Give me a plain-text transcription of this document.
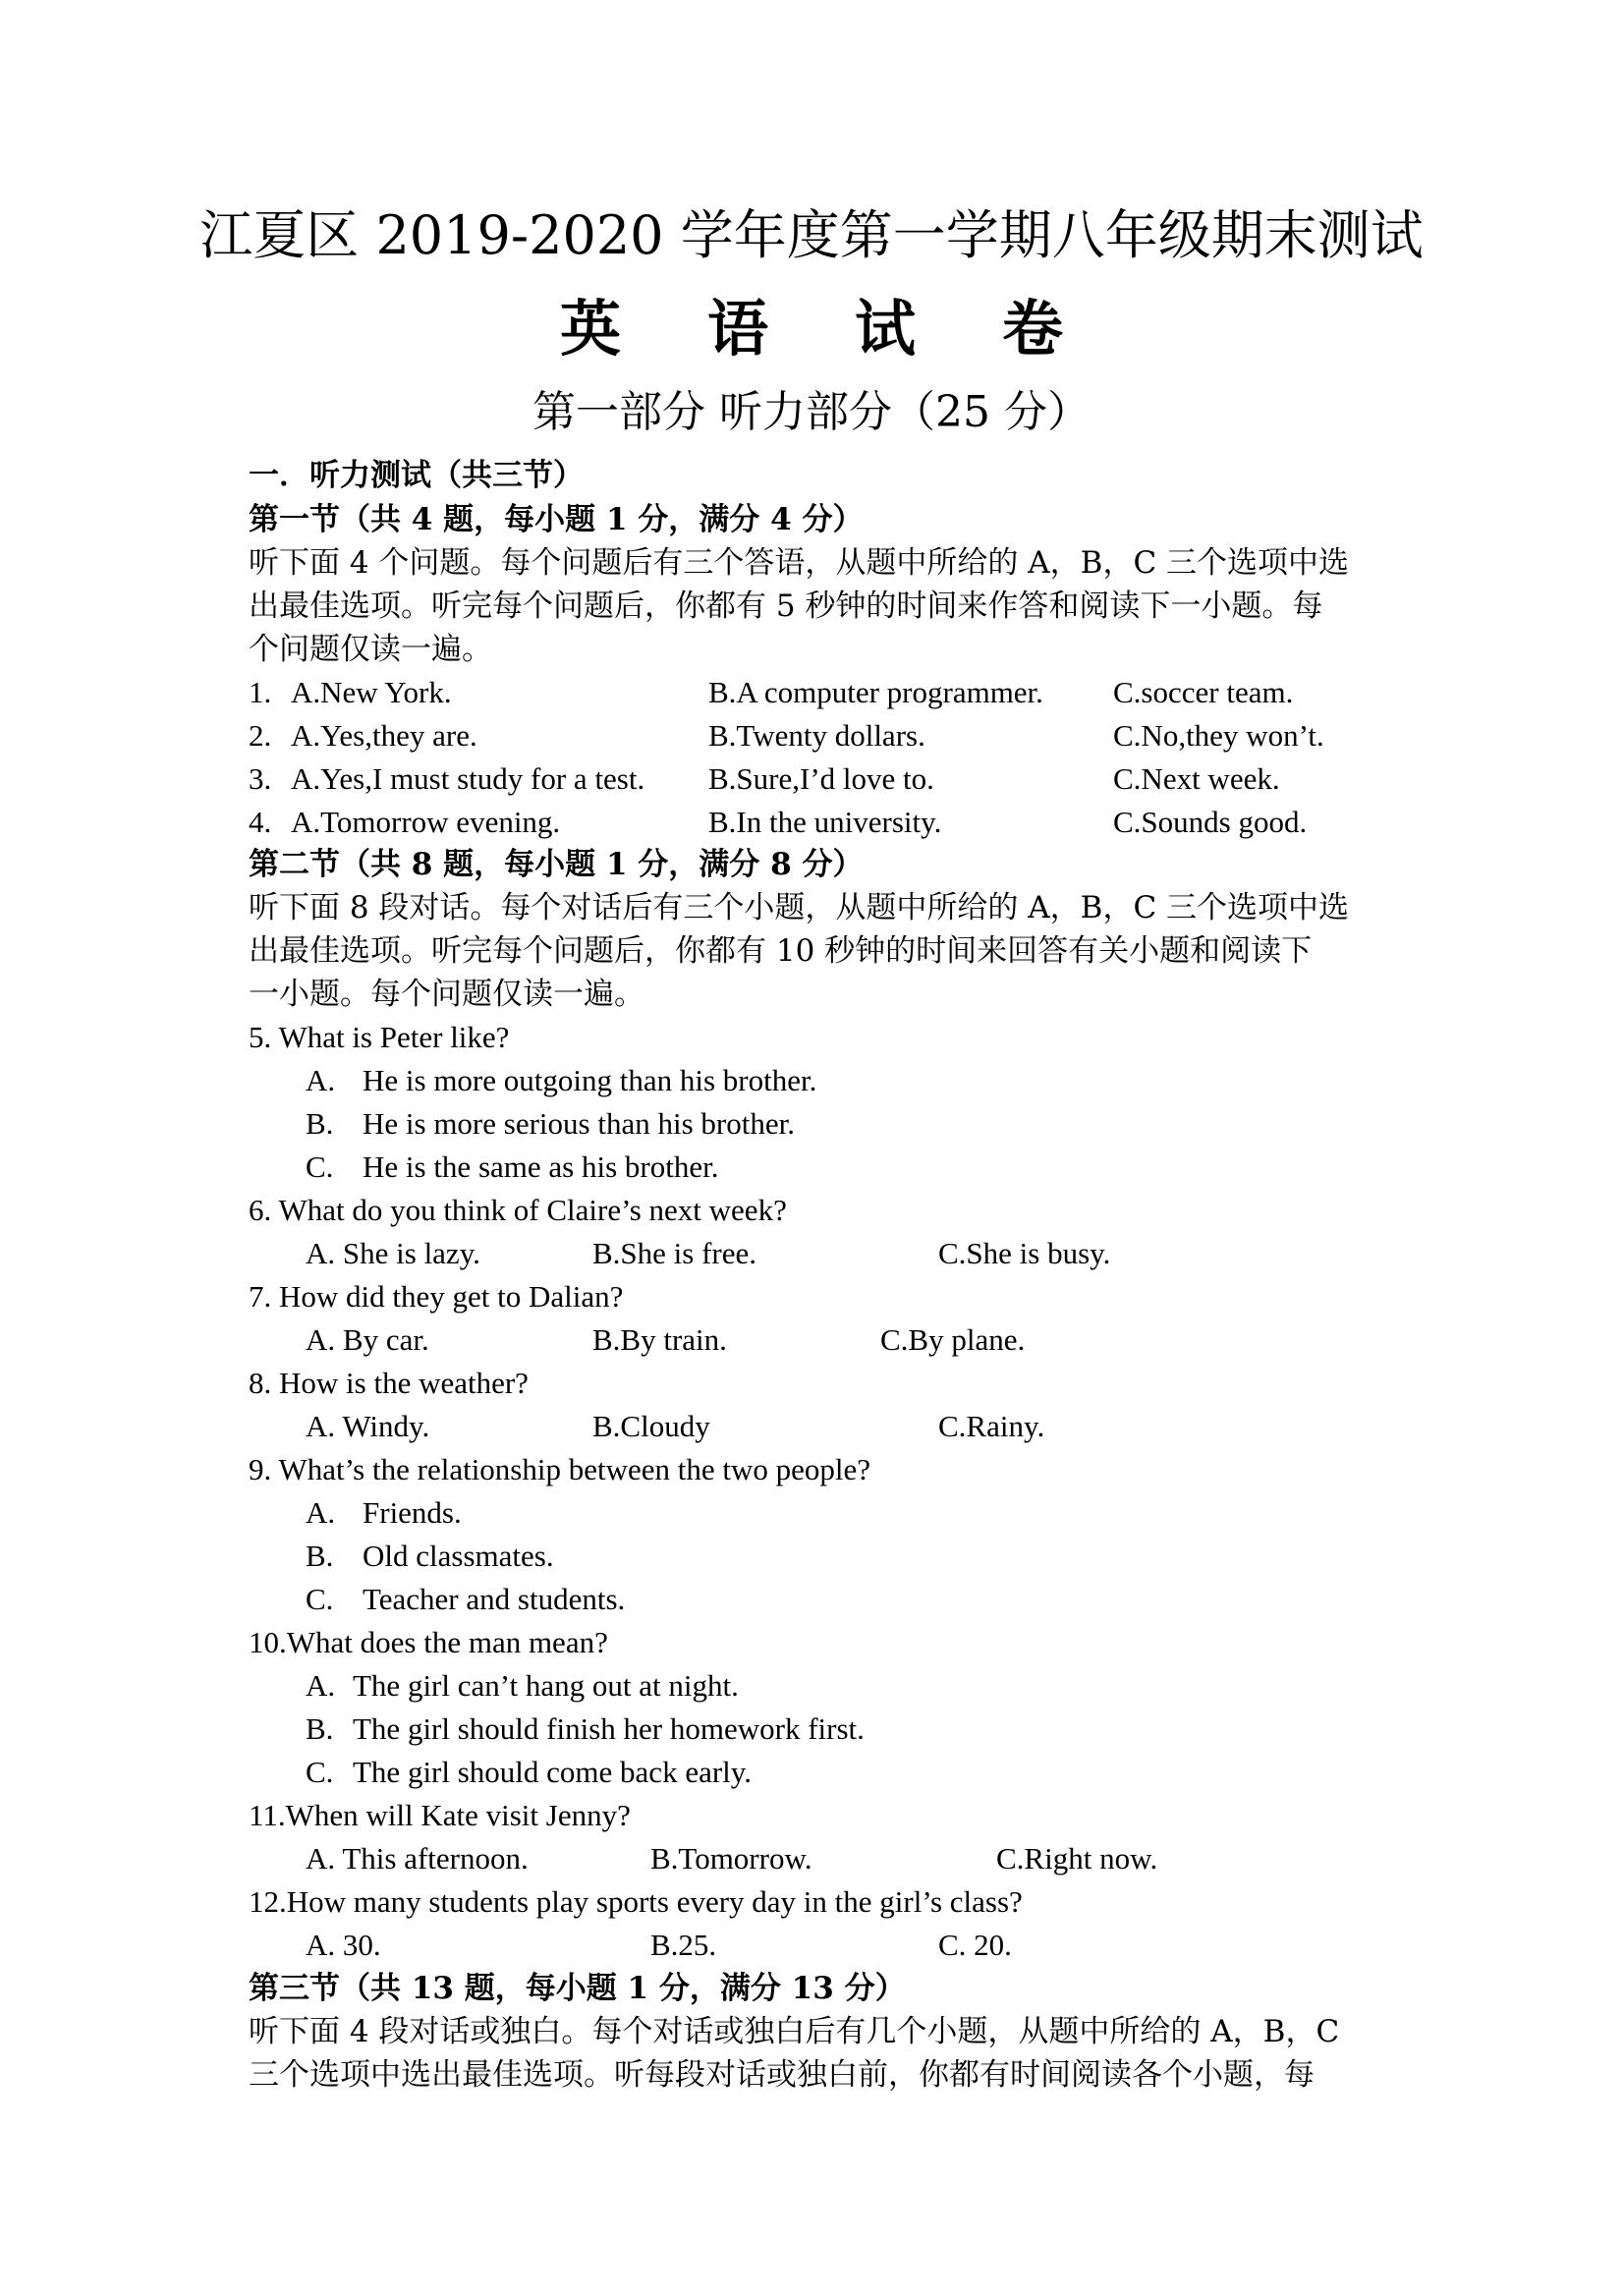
江夏区 2019-2020 学年度第一学期八年级期末测试
英 语 试 卷
第一部分 听力部分（25 分）
一．听力测试（共三节）
第一节（共 4 题，每小题 1 分，满分 4 分）
听下面 4 个问题。每个问题后有三个答语，从题中所给的 A，B，C 三个选项中选
出最佳选项。听完每个问题后，你都有 5 秒钟的时间来作答和阅读下一小题。每
个问题仅读一遍。
1. A.New York.	B.A computer programmer. C.soccer team.
2. A.Yes,they are.	B.Twenty dollars.	C.No,they won’t.
3. A.Yes,I must study for a test. B.Sure,I’d love to.	C.Next week.
4. A.Tomorrow evening.	B.In the university.	C.Sounds good.
第二节（共 8 题，每小题 1 分，满分 8 分）
听下面 8 段对话。每个对话后有三个小题，从题中所给的 A，B，C 三个选项中选
出最佳选项。听完每个问题后，你都有 10 秒钟的时间来回答有关小题和阅读下
一小题。每个问题仅读一遍。
5. What is Peter like?
A. He is more outgoing than his brother.
B. He is more serious than his brother.
C. He is the same as his brother.
6. What do you think of Claire’s next week?
A. She is lazy.	B.She is free.	C.She is busy.
7. How did they get to Dalian?
A. By car.	B.By train.	C.By plane.
8. How is the weather?
A. Windy.	B.Cloudy	C.Rainy.
9. What’s the relationship between the two people?
A. Friends.
B. Old classmates.
C. Teacher and students.
10.What does the man mean?
A. The girl can’t hang out at night.
B. The girl should finish her homework first.
C. The girl should come back early.
11.When will Kate visit Jenny?
A. This afternoon.	B.Tomorrow.	C.Right now.
12.How many students play sports every day in the girl’s class?
A. 30.	B.25.	C. 20.
第三节（共 13 题，每小题 1 分，满分 13 分）
听下面 4 段对话或独白。每个对话或独白后有几个小题，从题中所给的 A，B，C
三个选项中选出最佳选项。听每段对话或独白前，你都有时间阅读各个小题，每
